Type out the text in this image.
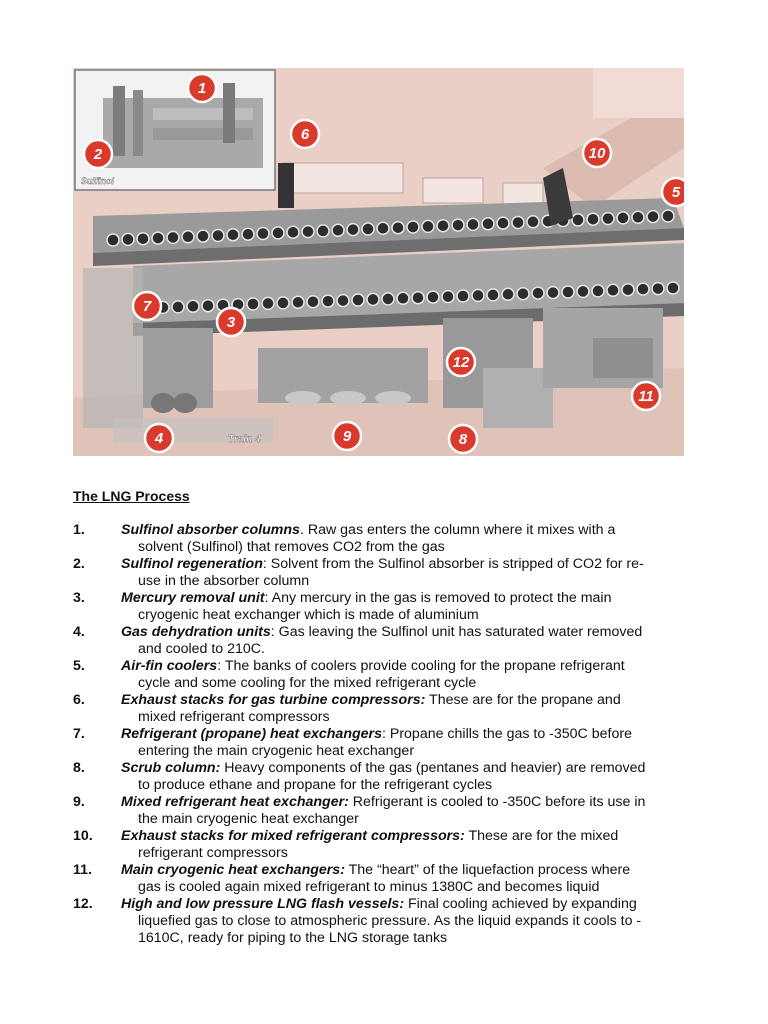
Sulfinol
Train 4
1
2
3
4
5
6
7
8
9
10
11
12
The LNG Process
1.	Sulfinol absorber columns. Raw gas enters the column where it mixes with a
solvent (Sulfinol) that removes CO2 from the gas
2.	Sulfinol regeneration: Solvent from the Sulfinol absorber is stripped of CO2 for re-
use in the absorber column
3.	Mercury removal unit: Any mercury in the gas is removed to protect the main
cryogenic heat exchanger which is made of aluminium
4.	Gas dehydration units: Gas leaving the Sulfinol unit has saturated water removed
and cooled to 210C.
5.	Air-fin coolers: The banks of coolers provide cooling for the propane refrigerant
cycle and some cooling for the mixed refrigerant cycle
6.	Exhaust stacks for gas turbine compressors: These are for the propane and
mixed refrigerant compressors
7.	Refrigerant (propane) heat exchangers: Propane chills the gas to -350C before
entering the main cryogenic heat exchanger
8.	Scrub column: Heavy components of the gas (pentanes and heavier) are removed
to produce ethane and propane for the refrigerant cycles
9.	Mixed refrigerant heat exchanger: Refrigerant is cooled to -350C before its use in
the main cryogenic heat exchanger
10. Exhaust stacks for mixed refrigerant compressors: These are for the mixed
refrigerant compressors
11. Main cryogenic heat exchangers: The “heart” of the liquefaction process where
gas is cooled again mixed refrigerant to minus 1380C and becomes liquid
12. High and low pressure LNG flash vessels: Final cooling achieved by expanding
liquefied gas to close to atmospheric pressure. As the liquid expands it cools to -
1610C, ready for piping to the LNG storage tanks
